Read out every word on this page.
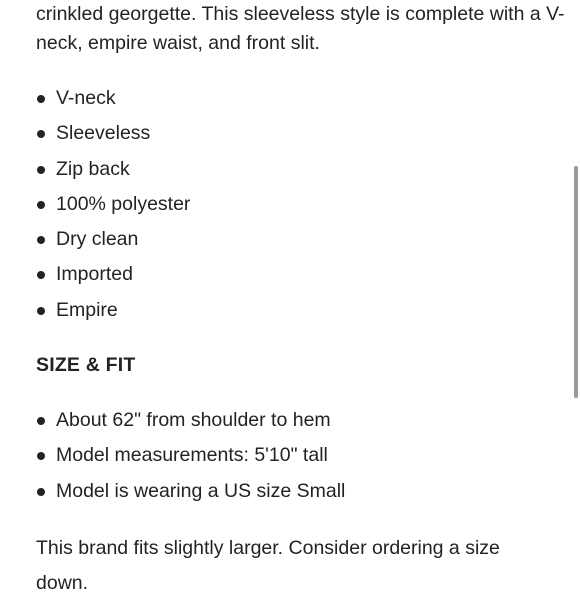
crinkled georgette. This sleeveless style is complete with a V-
neck, empire waist, and front slit.

V-neck
Sleeveless
Zip back
100% polyester
Dry clean
Imported
Empire
SIZE & FIT
About 62" from shoulder to hem
Model measurements: 5'10" tall
Model is wearing a US size Small

This brand fits slightly larger. Consider ordering a size down.
